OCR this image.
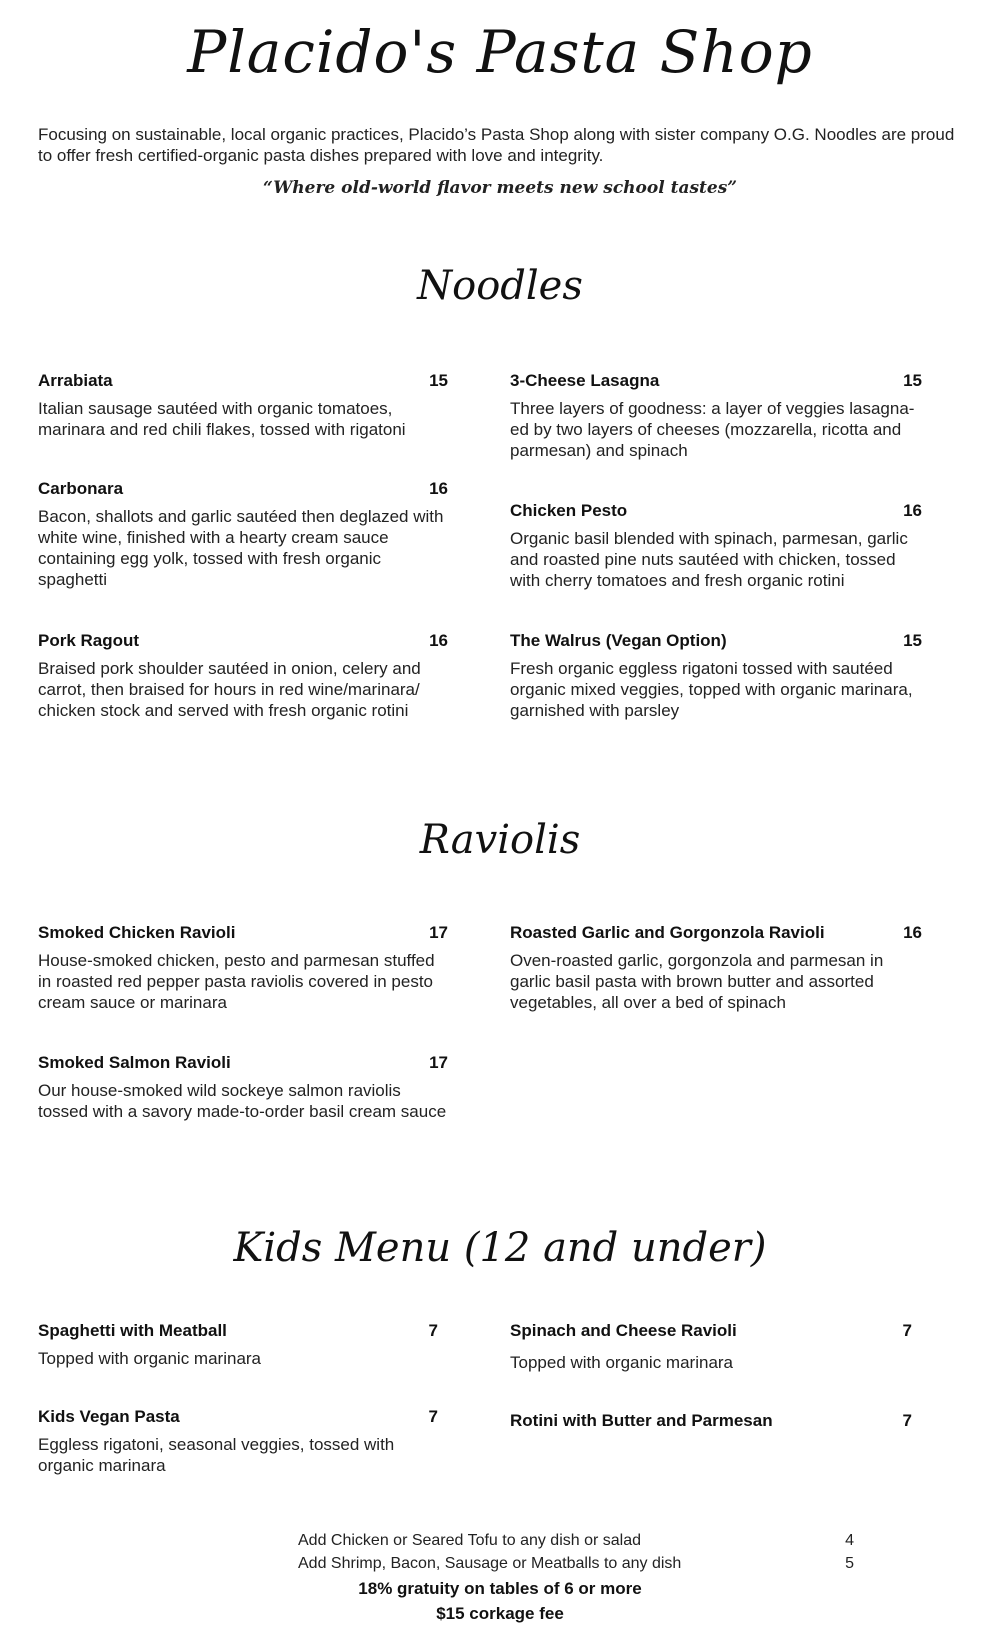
Placido's Pasta Shop
Focusing on sustainable, local organic practices, Placido’s Pasta Shop along with sister company O.G. Noodles are proud to offer fresh certified-organic pasta dishes prepared with love and integrity.
“Where old-world flavor meets new school tastes”
Noodles
Arrabiata	15
Italian sausage sautéed with organic tomatoes, marinara and red chili flakes, tossed with rigatoni
Carbonara	16
Bacon, shallots and garlic sautéed then deglazed with white wine, finished with a hearty cream sauce containing egg yolk, tossed with fresh organic spaghetti
Pork Ragout	16
Braised pork shoulder sautéed in onion, celery and carrot, then braised for hours in red wine/marinara/ chicken stock and served with fresh organic rotini
3-Cheese Lasagna	15
Three layers of goodness: a layer of veggies lasagna-ed by two layers of cheeses (mozzarella, ricotta and parmesan) and spinach
Chicken Pesto	16
Organic basil blended with spinach, parmesan, garlic and roasted pine nuts sautéed with chicken, tossed with cherry tomatoes and fresh organic rotini
The Walrus (Vegan Option)	15
Fresh organic eggless rigatoni tossed with sautéed organic mixed veggies, topped with organic marinara, garnished with parsley
Raviolis
Smoked Chicken Ravioli	17
House-smoked chicken, pesto and parmesan stuffed in roasted red pepper pasta raviolis covered in pesto cream sauce or marinara
Smoked Salmon Ravioli	17
Our house-smoked wild sockeye salmon raviolis tossed with a savory made-to-order basil cream sauce
Roasted Garlic and Gorgonzola Ravioli	16
Oven-roasted garlic, gorgonzola and parmesan in garlic basil pasta with brown butter and assorted vegetables, all over a bed of spinach
Kids Menu (12 and under)
Spaghetti with Meatball	7
Topped with organic marinara
Kids Vegan Pasta	7
Eggless rigatoni, seasonal veggies, tossed with organic marinara
Spinach and Cheese Ravioli	7
Topped with organic marinara
Rotini with Butter and Parmesan	7
Add Chicken or Seared Tofu to any dish or salad	4
Add Shrimp, Bacon, Sausage or Meatballs to any dish	5
18% gratuity on tables of 6 or more
$15 corkage fee
